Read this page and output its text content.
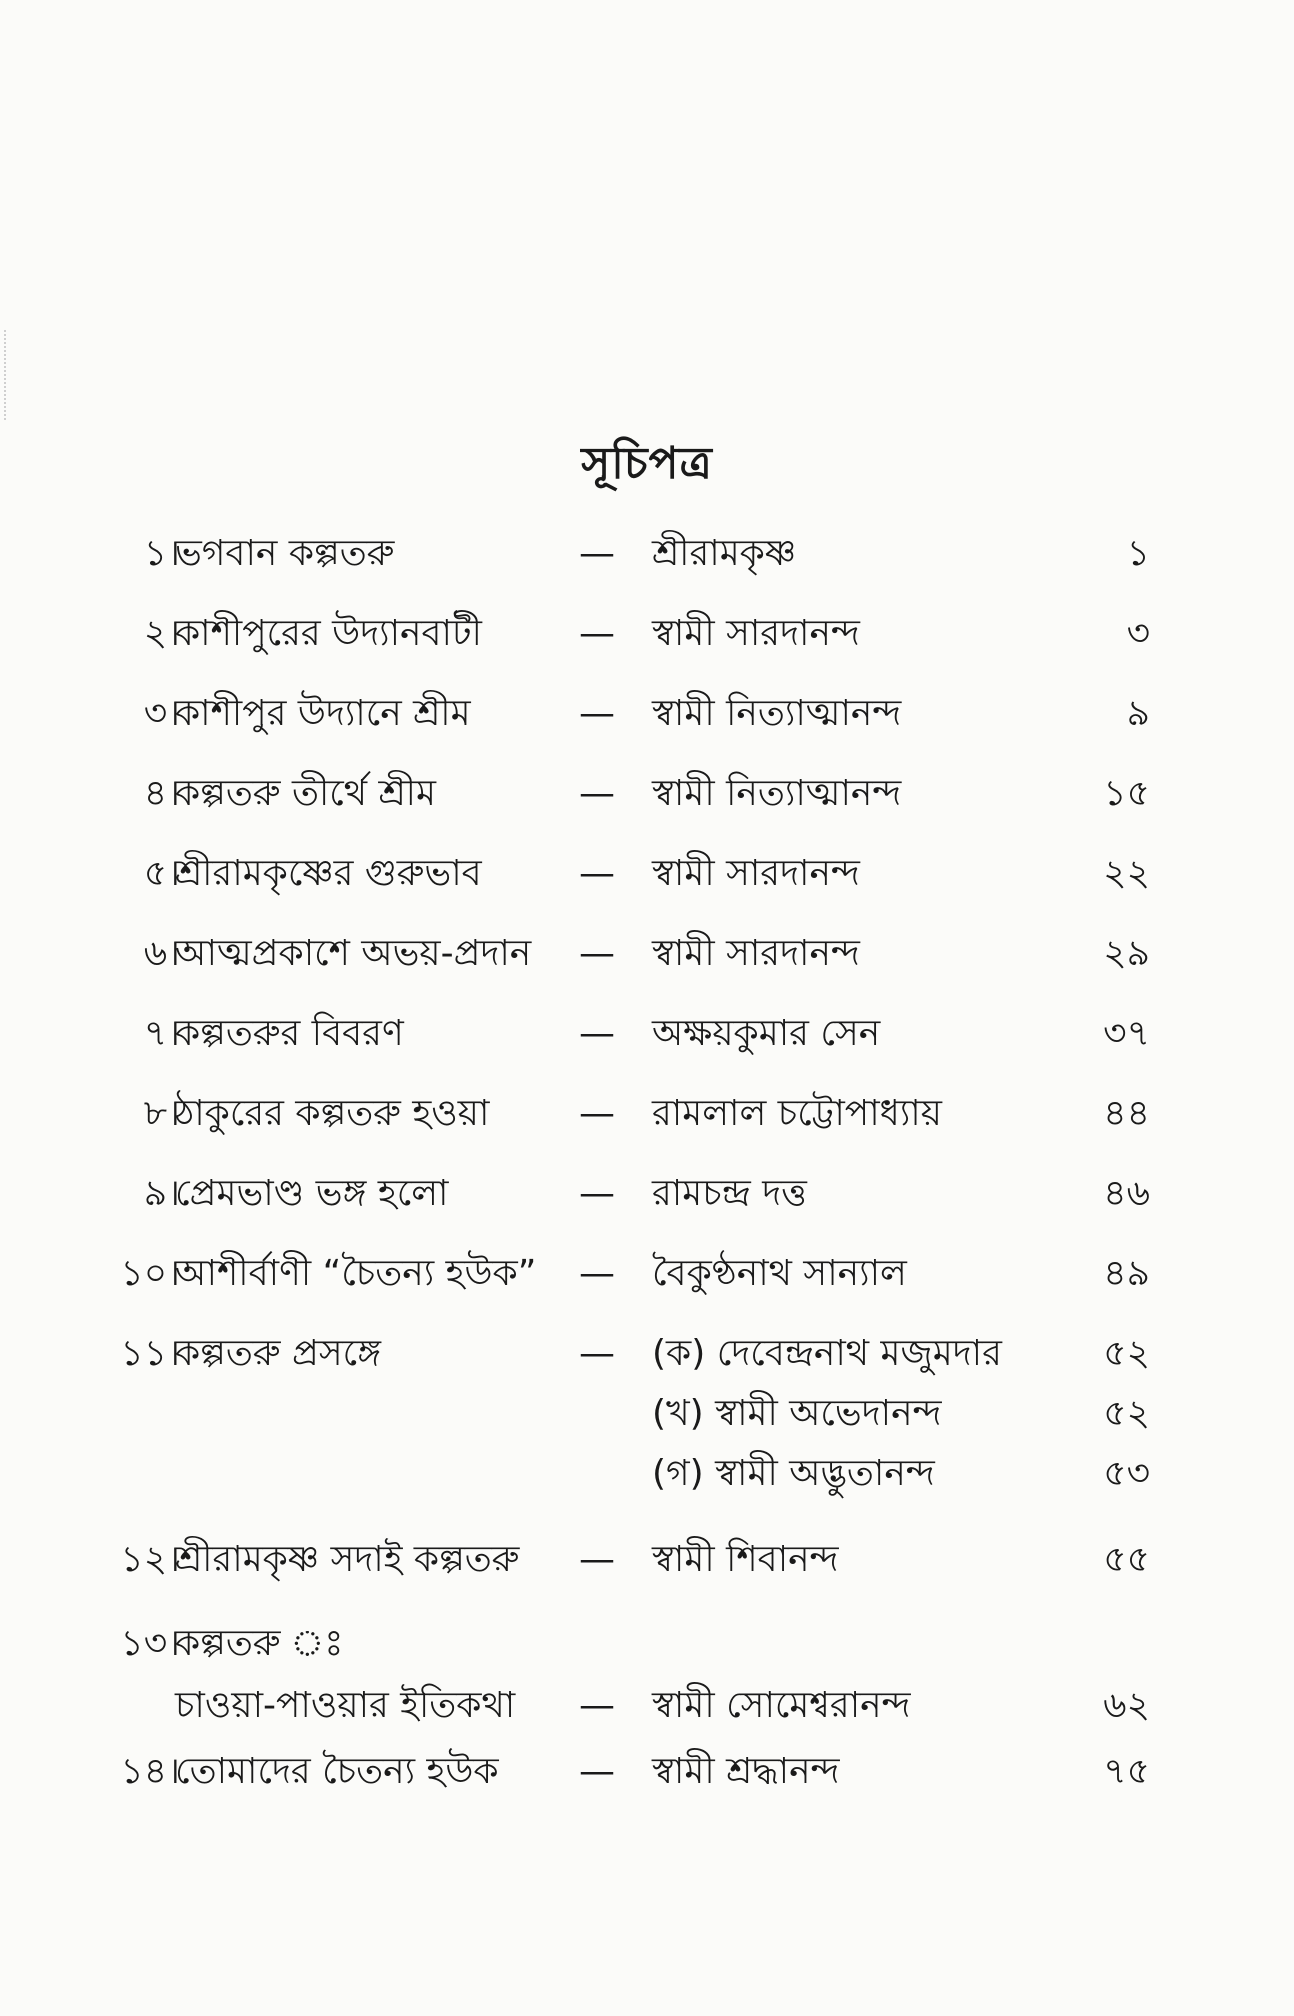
সূচিপত্র
১।
ভগবান কল্পতরু	— শ্রীরামকৃষ্ণ	১
২।
কাশীপুরের উদ্যানবাটী	— স্বামী সারদানন্দ	৩
৩।
কাশীপুর উদ্যানে শ্রীম	— স্বামী নিত্যাত্মানন্দ	৯
৪।
কল্পতরু তীর্থে শ্রীম	— স্বামী নিত্যাত্মানন্দ	১৫
৫।
শ্রীরামকৃষ্ণের গুরুভাব	— স্বামী সারদানন্দ	২২
৬।
আত্মপ্রকাশে অভয়-প্রদান — স্বামী সারদানন্দ	২৯
৭।
কল্পতরুর বিবরণ	— অক্ষয়কুমার সেন	৩৭
৮।
ঠাকুরের কল্পতরু হওয়া — রামলাল চট্টোপাধ্যায়	৪৪
৯।
প্রেমভাণ্ড ভঙ্গ হলো	— রামচন্দ্র দত্ত	৪৬
১০।
আশীর্বাণী “চৈতন্য হউক” — বৈকুণ্ঠনাথ সান্যাল	৪৯
১১।
কল্পতরু প্রসঙ্গে	— (ক) দেবেন্দ্রনাথ মজুমদার	৫২
(খ) স্বামী অভেদানন্দ	৫২
(গ) স্বামী অদ্ভুতানন্দ	৫৩
১২।
শ্রীরামকৃষ্ণ সদাই কল্পতরু — স্বামী শিবানন্দ	৫৫
১৩।
কল্পতরু ঃ
চাওয়া-পাওয়ার ইতিকথা — স্বামী সোমেশ্বরানন্দ	৬২
১৪।
তোমাদের চৈতন্য হউক — স্বামী শ্রদ্ধানন্দ	৭৫
